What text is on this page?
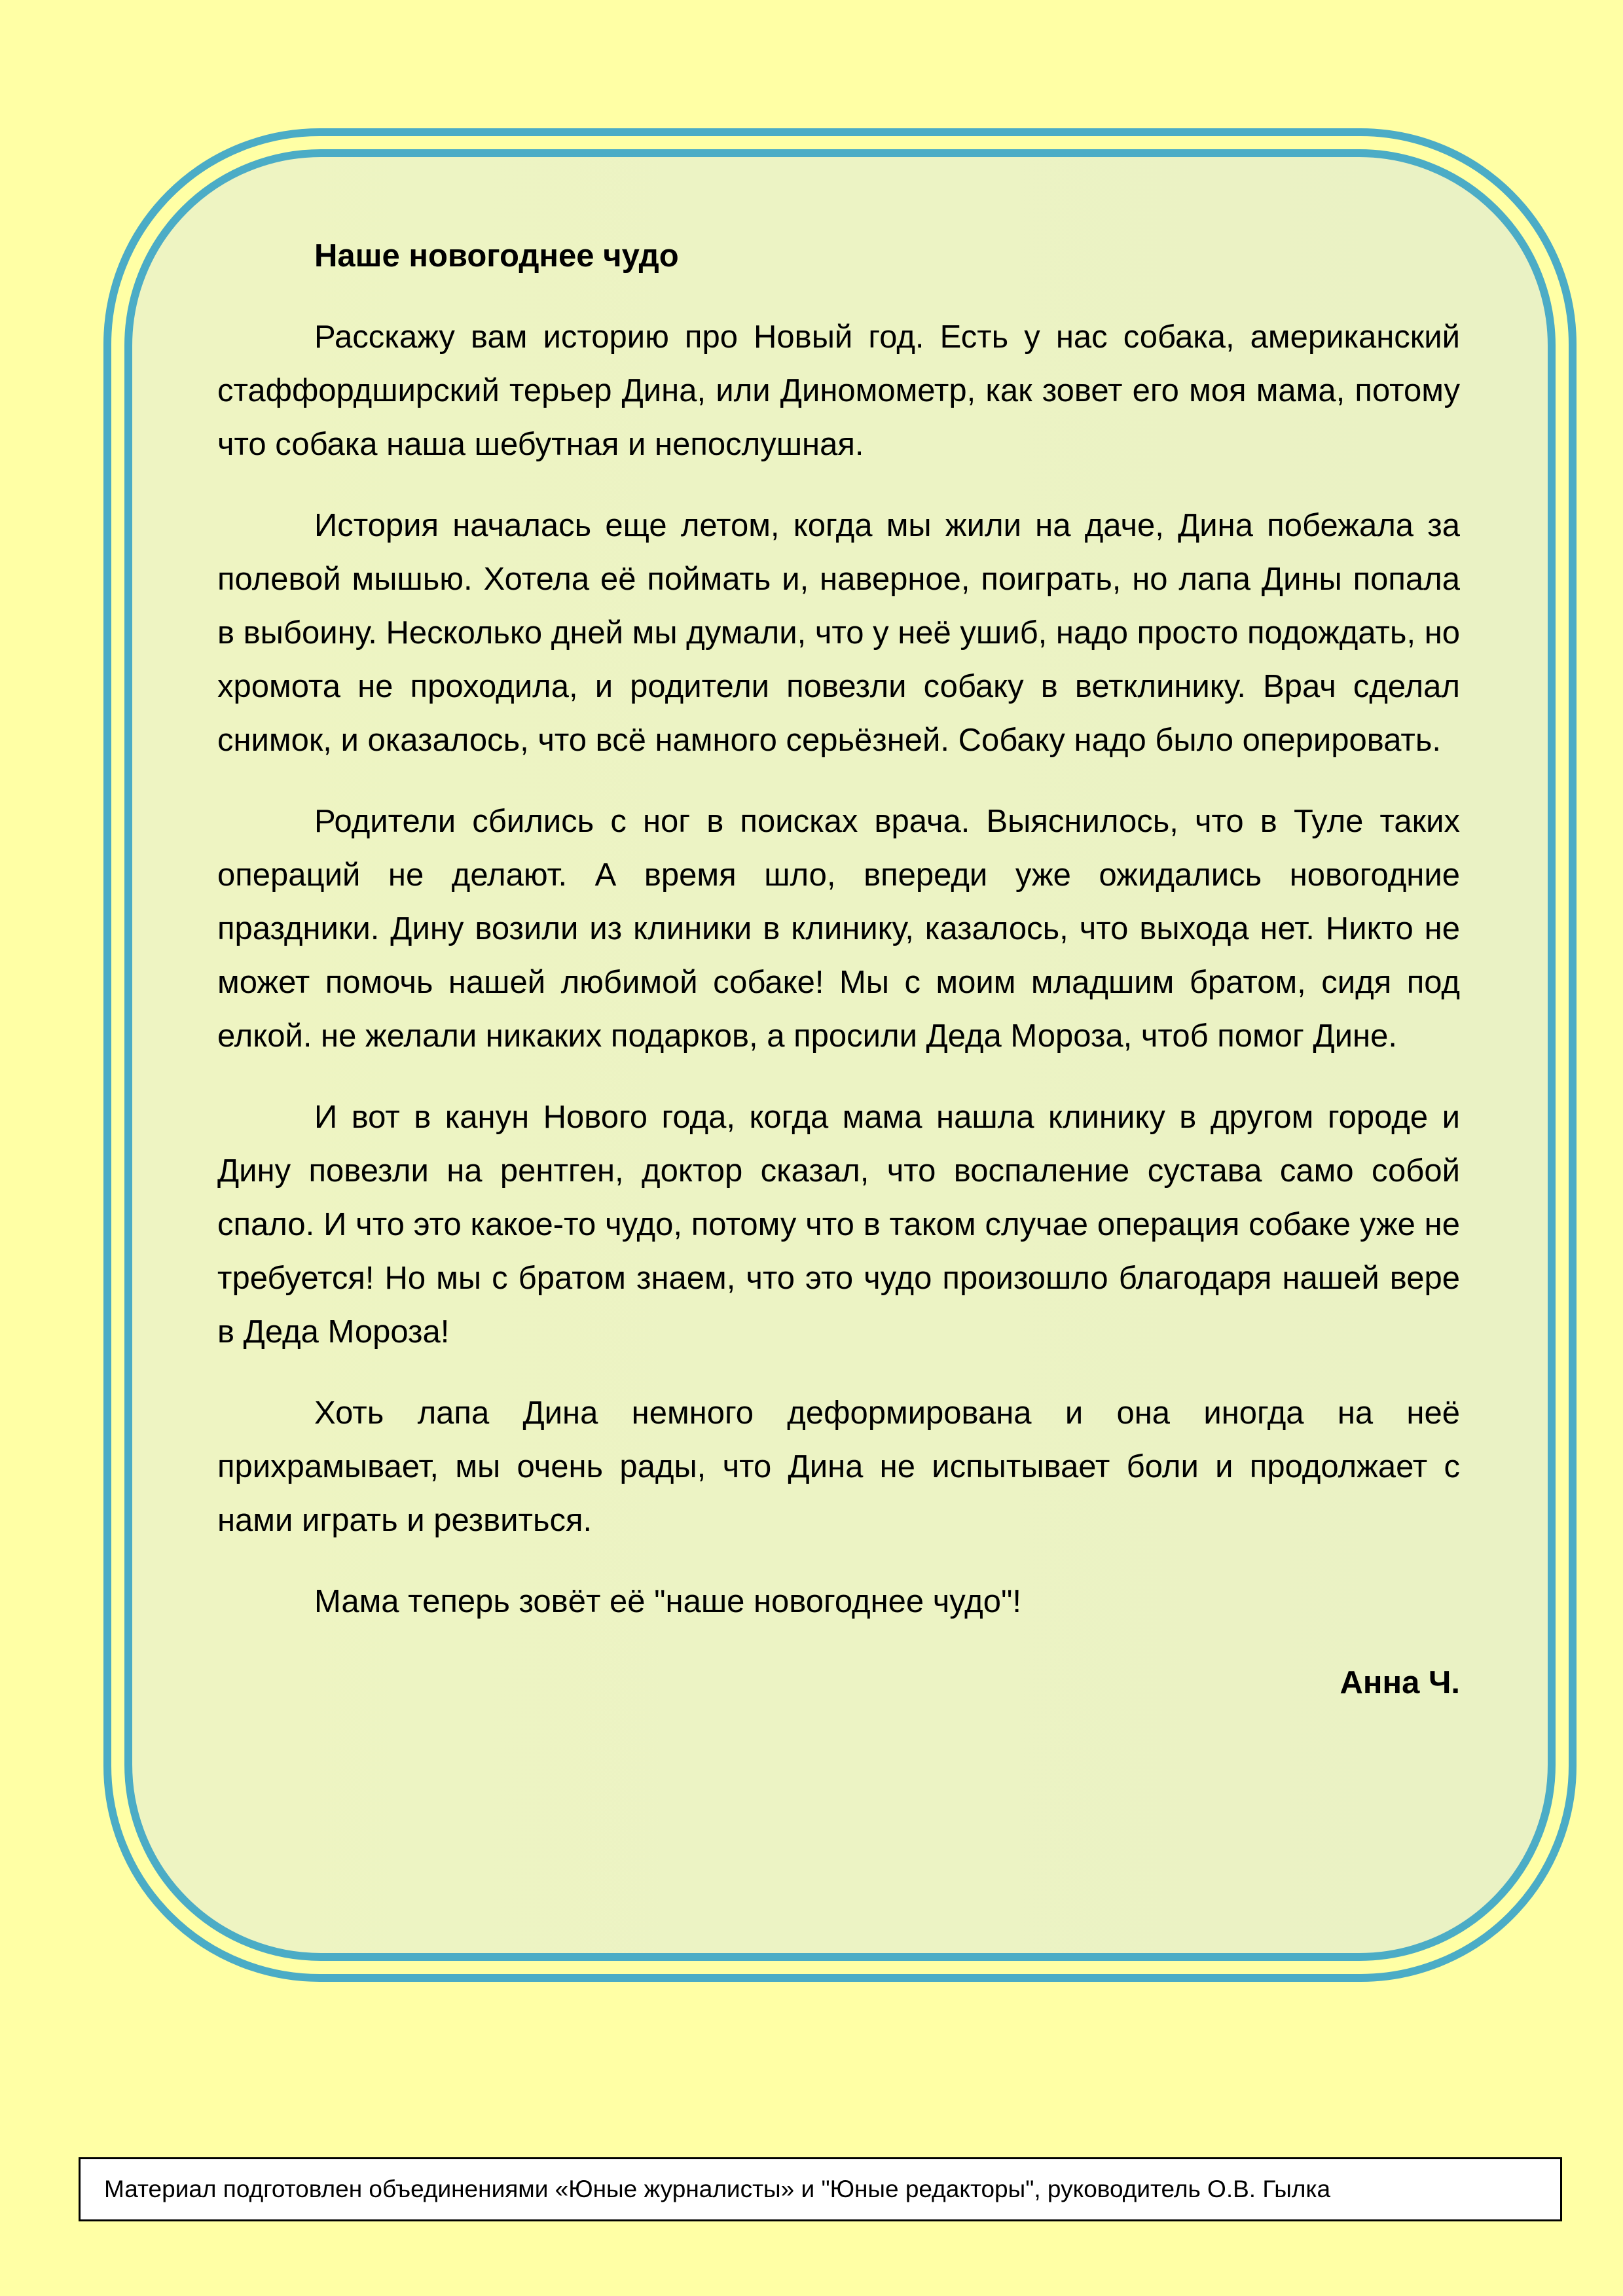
Наше новогоднее чудо

Расскажу вам историю про Новый год. Есть у нас собака, американский стаффордширский терьер Дина, или Диномометр, как зовет его моя мама, потому что собака наша шебутная и непослушная.

История началась еще летом, когда мы жили на даче, Дина побежала за полевой мышью. Хотела её поймать и, наверное, поиграть, но лапа Дины попала в выбоину. Несколько дней мы думали, что у неё ушиб, надо просто подождать, но хромота не проходила, и родители повезли собаку в ветклинику. Врач сделал снимок, и оказалось, что всё намного серьёзней. Собаку надо было оперировать.

Родители сбились с ног в поисках врача. Выяснилось, что в Туле таких операций не делают. А время шло, впереди уже ожидались новогодние праздники. Дину возили из клиники в клинику, казалось, что выхода нет. Никто не может помочь нашей любимой собаке! Мы с моим младшим братом, сидя под елкой. не желали никаких подарков, а просили Деда Мороза, чтоб помог Дине.

И вот в канун Нового года, когда мама нашла клинику в другом городе и Дину повезли на рентген, доктор сказал, что воспаление сустава само собой спало. И что это какое-то чудо, потому что в таком случае операция собаке уже не требуется! Но мы с братом знаем, что это чудо произошло благодаря нашей вере в Деда Мороза!

Хоть лапа Дина немного деформирована и она иногда на неё прихрамывает, мы очень рады, что Дина не испытывает боли и продолжает с нами играть и резвиться.

Мама теперь зовёт её "наше новогоднее чудо"!

Анна Ч.

Материал подготовлен объединениями «Юные журналисты» и "Юные редакторы", руководитель О.В. Гылка
